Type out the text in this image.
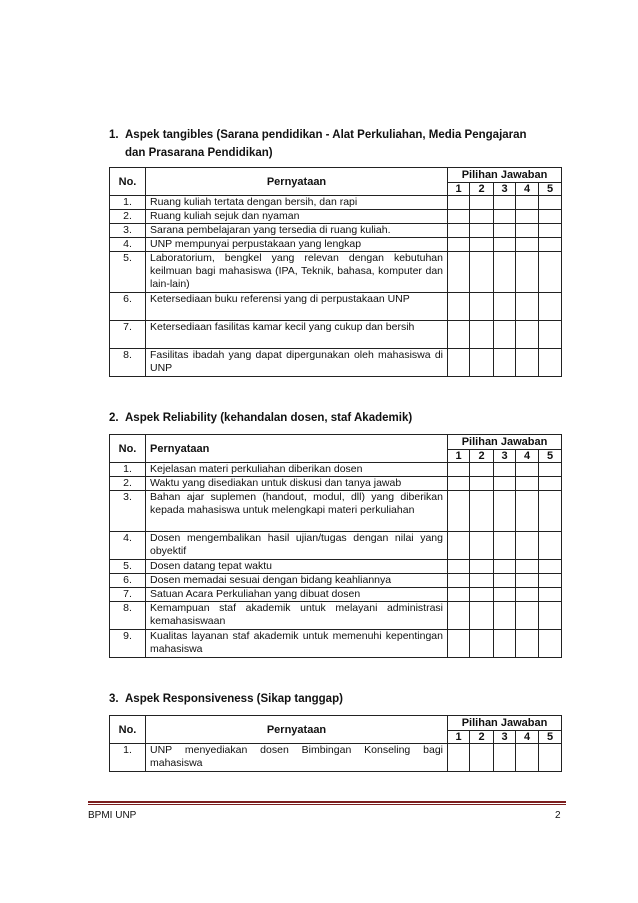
1. Aspek tangibles (Sarana pendidikan - Alat Perkuliahan, Media Pengajaran
dan Prasarana Pendidikan)
No.	Pernyataan	Pilihan Jawaban				
		1	2	3	4	5
1.	Ruang kuliah tertata dengan bersih, dan rapi					
2.	Ruang kuliah sejuk dan nyaman					
3.	Sarana pembelajaran yang tersedia di ruang kuliah.					
4.	UNP mempunyai perpustakaan yang lengkap					
5.	Laboratorium, bengkel yang relevan dengan kebutuhan keilmuan bagi mahasiswa (IPA, Teknik, bahasa, komputer dan lain-lain)					
6.	Ketersediaan buku referensi yang di perpustakaan UNP					
7.	Ketersediaan fasilitas kamar kecil yang cukup dan bersih					
8.	Fasilitas ibadah yang dapat dipergunakan oleh mahasiswa di UNP					
2. Aspek Reliability (kehandalan dosen, staf Akademik)
No.	Pernyataan	Pilihan Jawaban				
		1	2	3	4	5
1.	Kejelasan materi perkuliahan diberikan dosen					
2.	Waktu yang disediakan untuk diskusi dan tanya jawab					
3.	Bahan ajar suplemen (handout, modul, dll) yang diberikan kepada mahasiswa untuk melengkapi materi perkuliahan					
4.	Dosen mengembalikan hasil ujian/tugas dengan nilai yang obyektif					
5.	Dosen datang tepat waktu					
6.	Dosen memadai sesuai dengan bidang keahliannya					
7.	Satuan Acara Perkuliahan yang dibuat dosen					
8.	Kemampuan staf akademik untuk melayani administrasi kemahasiswaan					
9.	Kualitas layanan staf akademik untuk memenuhi kepentingan mahasiswa					
3. Aspek Responsiveness (Sikap tanggap)
No.	Pernyataan	Pilihan Jawaban				
		1	2	3	4	5
1.	UNP menyediakan dosen Bimbingan Konseling bagi mahasiswa					
BPMI UNP	2
